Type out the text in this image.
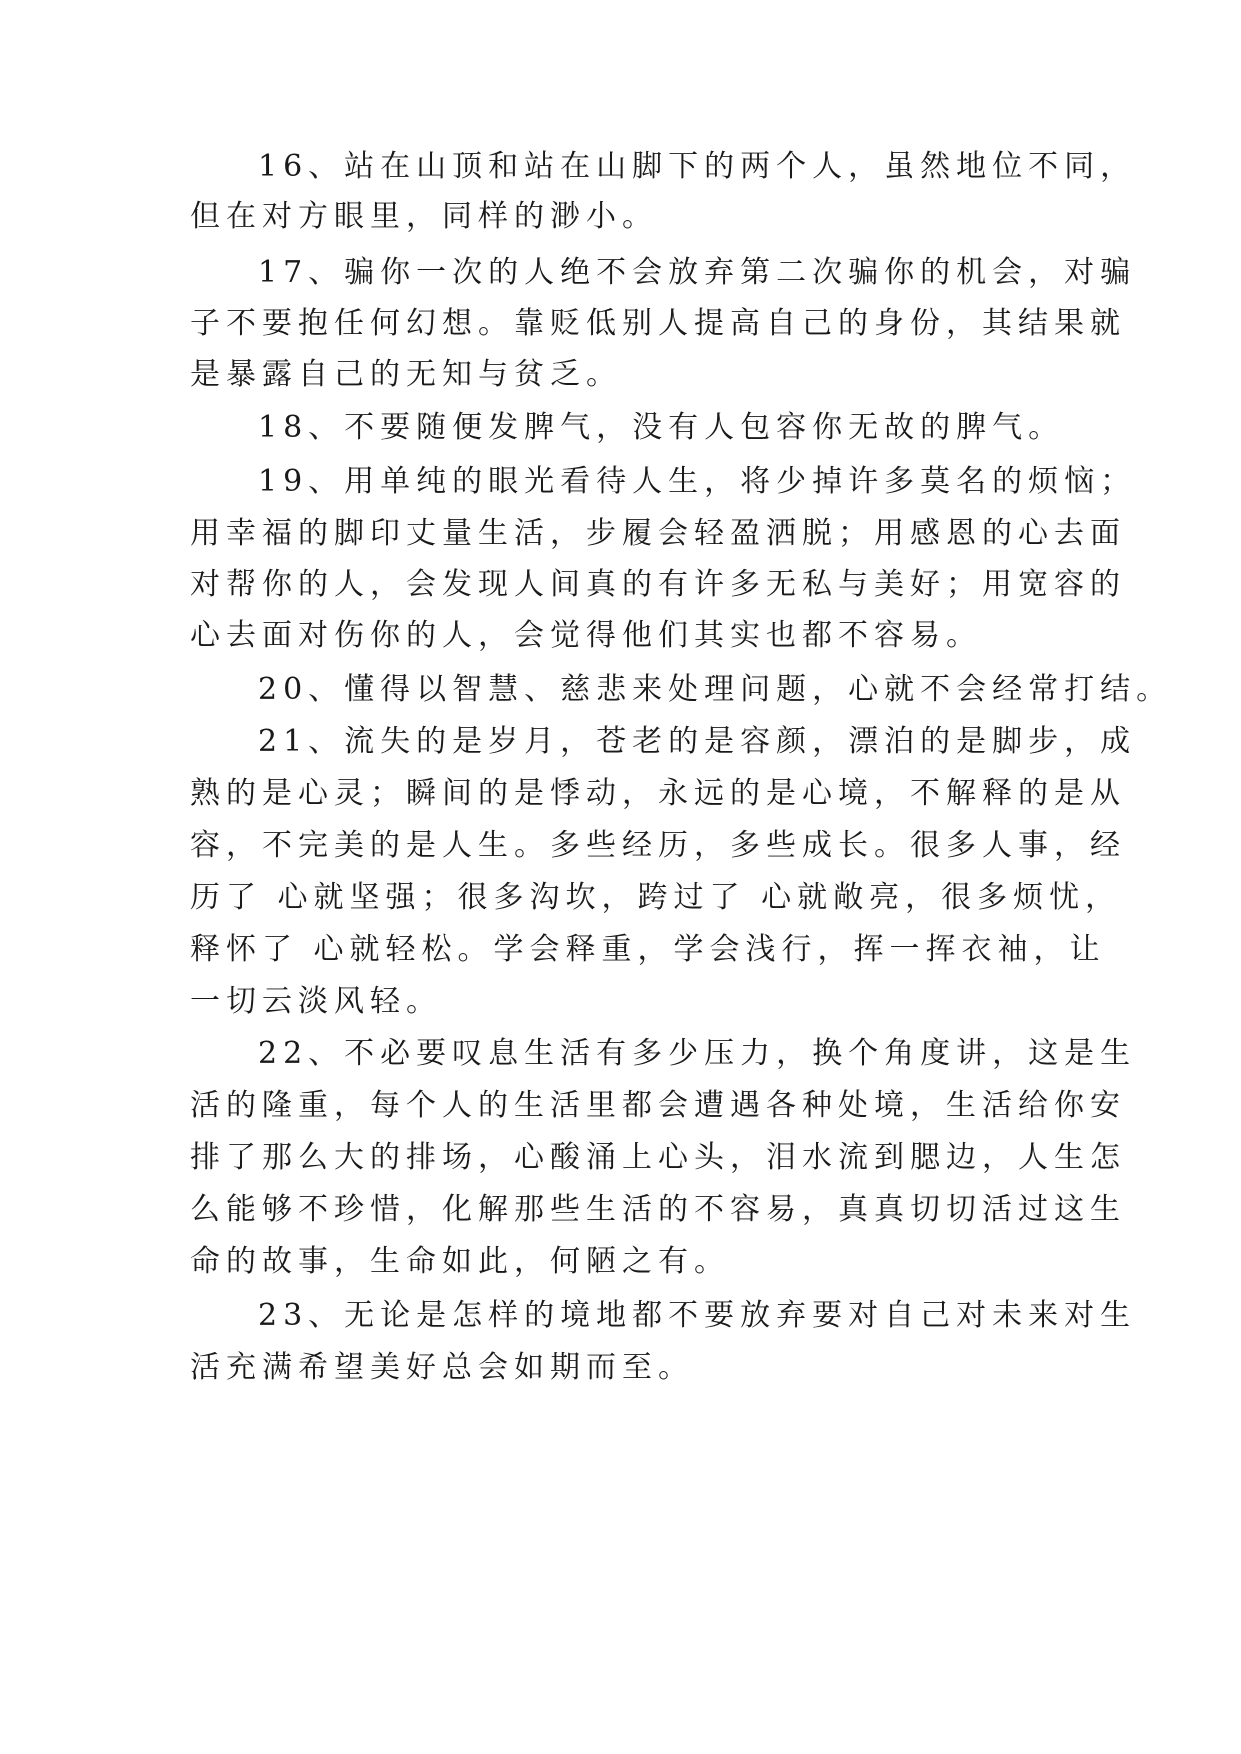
16、站在山顶和站在山脚下的两个人，虽然地位不同，
但在对方眼里，同样的渺小。
17、骗你一次的人绝不会放弃第二次骗你的机会，对骗
子不要抱任何幻想。靠贬低别人提高自己的身份，其结果就
是暴露自己的无知与贫乏。
18、不要随便发脾气，没有人包容你无故的脾气。
19、用单纯的眼光看待人生，将少掉许多莫名的烦恼；
用幸福的脚印丈量生活，步履会轻盈洒脱；用感恩的心去面
对帮你的人，会发现人间真的有许多无私与美好；用宽容的
心去面对伤你的人，会觉得他们其实也都不容易。
20、懂得以智慧、慈悲来处理问题，心就不会经常打结。
21、流失的是岁月，苍老的是容颜，漂泊的是脚步，成
熟的是心灵；瞬间的是悸动，永远的是心境，不解释的是从
容，不完美的是人生。多些经历，多些成长。很多人事，经
历了 心就坚强；很多沟坎，跨过了 心就敞亮，很多烦忧，
释怀了 心就轻松。学会释重，学会浅行，挥一挥衣袖，让
一切云淡风轻。
22、不必要叹息生活有多少压力，换个角度讲，这是生
活的隆重，每个人的生活里都会遭遇各种处境，生活给你安
排了那么大的排场，心酸涌上心头，泪水流到腮边，人生怎
么能够不珍惜，化解那些生活的不容易，真真切切活过这生
命的故事，生命如此，何陋之有。
23、无论是怎样的境地都不要放弃要对自己对未来对生
活充满希望美好总会如期而至。
